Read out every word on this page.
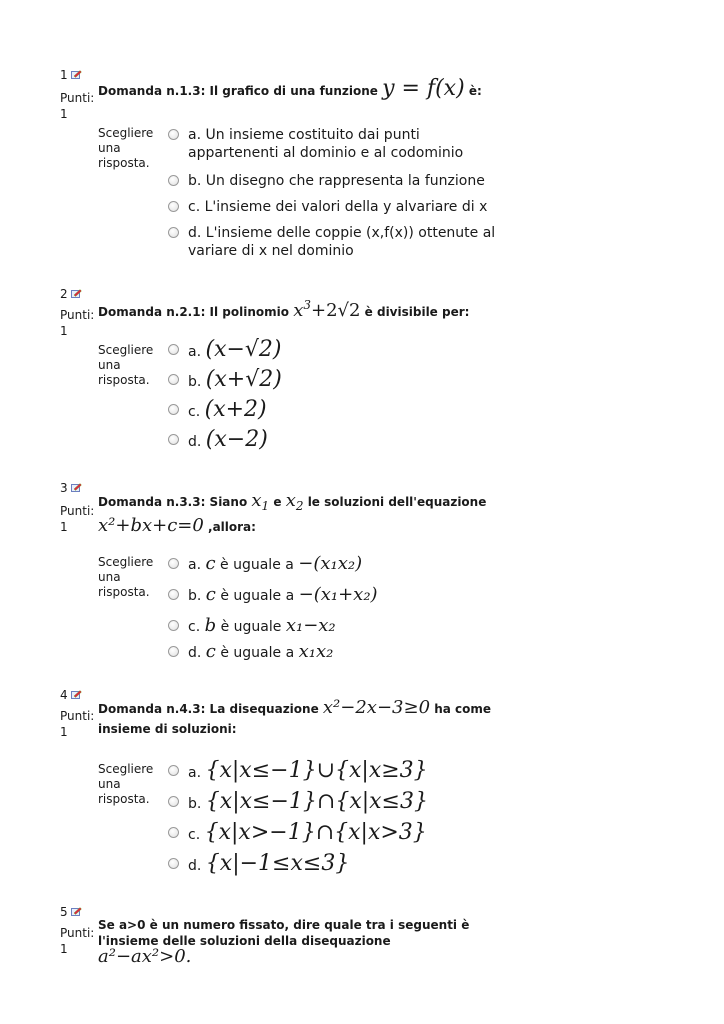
1
Punti:
1
Domanda n.1.3: Il grafico di una funzione y = f(x) è:
Scegliere una risposta.
a. Un insieme costituito dai punti appartenenti al dominio e al codominio
b. Un disegno che rappresenta la funzione
c. L'insieme dei valori della y alvariare di x
d. L'insieme delle coppie (x,f(x)) ottenute al variare di x nel dominio
2
Punti:
1
Domanda n.2.1: Il polinomio $x^3+2√2$ è divisibile per:
Scegliere una risposta.
a. (x−√2)
b. (x+√2)
c. (x+2)
d. (x−2)
3
Punti:
1
Domanda n.3.3: Siano $x_1$ e $x_2$ le soluzioni dell'equazione
x²+bx+c=0 ,allora:
Scegliere una risposta.
a. c è uguale a −(x₁x₂)
b. c è uguale a −(x₁+x₂)
c. b è uguale x₁−x₂
d. c è uguale a x₁x₂
4
Punti:
1
Domanda n.4.3: La disequazione x²−2x−3≥0 ha come insieme di soluzioni:
Scegliere una risposta.
a. {x|x≤−1}∪{x|x≥3}
b. {x|x≤−1}∩{x|x≤3}
c. {x|x>−1}∩{x|x>3}
d. {x|−1≤x≤3}
5
Punti:
1
Se a>0 è un numero fissato, dire quale tra i seguenti è l'insieme delle soluzioni della disequazione
a²−ax²>0.
